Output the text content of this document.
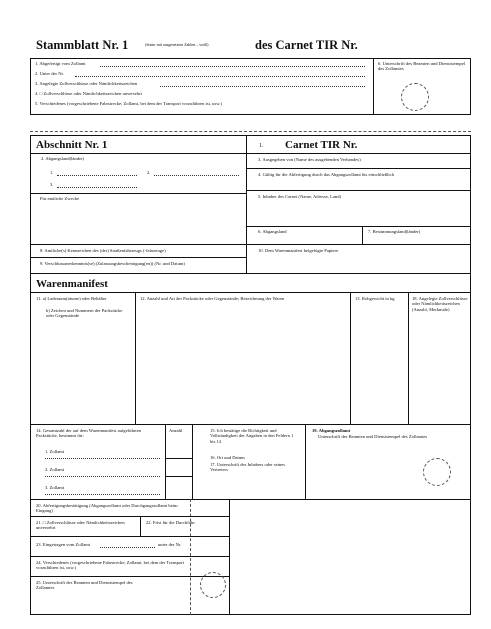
Stammblatt Nr. 1	(feiner mit ausgesetzten Zahlen – weiß)	des Carnet TIR Nr.
1. Abgefertigt vom Zollamt
2. Unter der Nr.
3. Angelegte Zollverschlüsse oder Nämlichkeitszeichen
4. □ Zollverschlüsse oder Nämlichkeitszeichen unversehrt
5. Verschiedenes (vorgeschriebene Fahrstrecke; Zollamt, bei dem der Transport vorzuführen ist, usw.)
6. Unterschrift des Beamten und Dienststempel des Zollamtes
Abschnitt Nr. 1	1. Carnet TIR Nr.
2. Abgangsland(länder)
1.	2.
3.
Für amtliche Zwecke
3. Ausgegeben von (Name des ausgebenden Verbandes)
4. Gültig für die Abfertigung durch das Abgangszollamt bis einschließlich
5. Inhaber des Carnet (Name, Adresse, Land)
6. Abgangsland	7. Bestimmungsland(länder)
8. Amtliche(s) Kennzeichen des (der) Straßenfahrzeugs (-fahrzeuge)	10. Dem Warenmanifest beigefügte Papiere
9. Verschlussanerkenntnis(se) (Zulassungsbescheinigung(en)) (Nr. und Datum)
Warenmanifest
11. a) Laderaum(räume) oder Behälter
b) Zeichen und Nummern der Packstücke oder Gegenstände
12. Anzahl und Art der Packstücke oder Gegenstände; Bezeichnung der Waren	13. Rohgewicht in kg	18. Angelegte Zollverschlüsse oder Nämlichkeitszeichen (Anzahl, Merkmale)
14. Gesamtzahl der auf dem Warenmanifest aufgeführten Packstücke, bestimmt für:
Anzahl
1. Zollamt
2. Zollamt
3. Zollamt
15. Ich bestätige die Richtigkeit und Vollständigkeit der Angaben in den Feldern 1 bis 14
16. Ort und Datum
17. Unterschrift des Inhabers oder seines Vertreters
19. Abgangszollamt
Unterschrift des Beamten und Dienststempel des Zollamtes
20. Abfertigungsbestätigung (Abgangszollamt oder Durchgangszollamt beim Eingang)
21. □ Zollverschlüsse oder Nämlichkeitszeichen unversehrt
22. Frist für die Durchfuhr
23. Eingetragen vom Zollamt	unter der Nr.
24. Verschiedenes (vorgeschriebene Fahrstrecke; Zollamt, bei dem der Transport vorzuführen ist, usw.)
25. Unterschrift des Beamten und Dienststempel des Zollamtes
